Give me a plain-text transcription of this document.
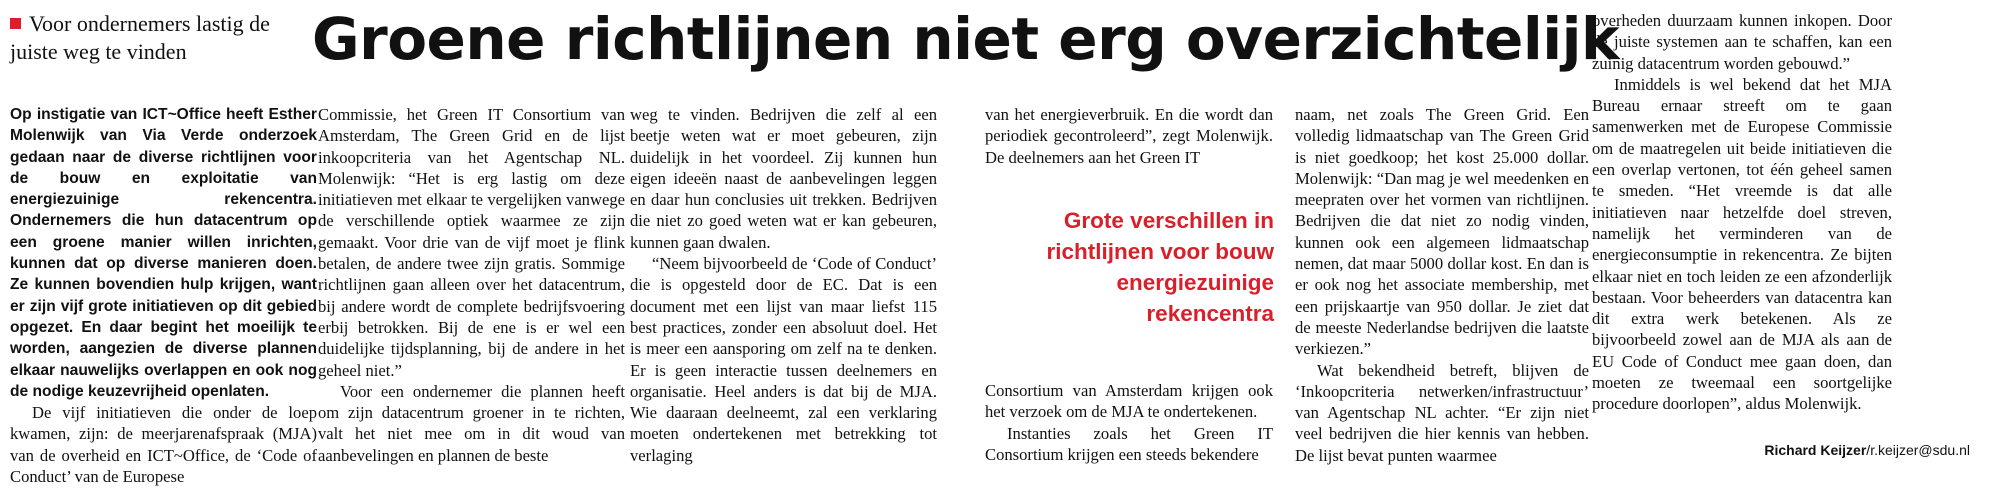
Voor ondernemers lastig de juiste weg te vinden	Groene richtlijnen niet erg overzichtelijk

Op instigatie van ICT~Office heeft Esther Molenwijk van Via Verde onderzoek gedaan naar de diverse richtlijnen voor de bouw en exploitatie van energiezuinige rekencentra. Ondernemers die hun datacentrum op een groene manier willen inrichten, kunnen dat op diverse manieren doen. Ze kunnen bovendien hulp krijgen, want er zijn vijf grote initiatieven op dit gebied opgezet. En daar begint het moeilijk te worden, aangezien de diverse plannen elkaar nauwelijks overlappen en ook nog de nodige keuzevrijheid openlaten.

De vijf initiatieven die onder de loep kwamen, zijn: de meerjarenafspraak (MJA) van de overheid en ICT~Office, de ‘Code of Conduct’ van de Europese

Commissie, het Green IT Consortium van Amsterdam, The Green Grid en de lijst inkoopcriteria van het Agentschap NL. Molenwijk: “Het is erg lastig om deze initiatieven met elkaar te vergelijken vanwege de verschillende optiek waarmee ze zijn gemaakt. Voor drie van de vijf moet je flink betalen, de andere twee zijn gratis. Sommige richtlijnen gaan alleen over het datacentrum, bij andere wordt de complete bedrijfsvoering erbij betrokken. Bij de ene is er wel een duidelijke tijdsplanning, bij de andere in het geheel niet.”

Voor een ondernemer die plannen heeft om zijn datacentrum groener in te richten, valt het niet mee om in dit woud van aanbevelingen en plannen de beste

weg te vinden. Bedrijven die zelf al een beetje weten wat er moet gebeuren, zijn duidelijk in het voordeel. Zij kunnen hun eigen ideeën naast de aanbevelingen leggen en daar hun conclusies uit trekken. Bedrijven die niet zo goed weten wat er kan gebeuren, kunnen gaan dwalen.

“Neem bijvoorbeeld de ‘Code of Conduct’ die is opgesteld door de EC. Dat is een document met een lijst van maar liefst 115 best practices, zonder een absoluut doel. Het is meer een aansporing om zelf na te denken. Er is geen interactie tussen deelnemers en organisatie. Heel anders is dat bij de MJA. Wie daaraan deelneemt, zal een verklaring moeten ondertekenen met betrekking tot verlaging

van het energieverbruik. En die wordt dan periodiek gecontroleerd”, zegt Molenwijk. De deelnemers aan het Green IT

Grote verschillen in richtlijnen voor bouw energiezuinige rekencentra

Consortium van Amsterdam krijgen ook het verzoek om de MJA te ondertekenen.

Instanties zoals het Green IT Consortium krijgen een steeds bekendere

naam, net zoals The Green Grid. Een volledig lidmaatschap van The Green Grid is niet goedkoop; het kost 25.000 dollar. Molenwijk: “Dan mag je wel meedenken en meepraten over het vormen van richtlijnen. Bedrijven die dat niet zo nodig vinden, kunnen ook een algemeen lidmaatschap nemen, dat maar 5000 dollar kost. En dan is er ook nog het associate membership, met een prijskaartje van 950 dollar. Je ziet dat de meeste Nederlandse bedrijven die laatste verkiezen.”

Wat bekendheid betreft, blijven de ‘Inkoopcriteria netwerken/infrastructuur’ van Agentschap NL achter. “Er zijn niet veel bedrijven die hier kennis van hebben. De lijst bevat punten waarmee

overheden duurzaam kunnen inkopen. Door de juiste systemen aan te schaffen, kan een zuinig datacentrum worden gebouwd.”

Inmiddels is wel bekend dat het MJA Bureau ernaar streeft om te gaan samenwerken met de Europese Commissie om de maatregelen uit beide initiatieven die een overlap vertonen, tot één geheel samen te smeden. “Het vreemde is dat alle initiatieven naar hetzelfde doel streven, namelijk het verminderen van de energieconsumptie in rekencentra. Ze bijten elkaar niet en toch leiden ze een afzonderlijk bestaan. Voor beheerders van datacentra kan dit extra werk betekenen. Als ze bijvoorbeeld zowel aan de MJA als aan de EU Code of Conduct mee gaan doen, dan moeten ze tweemaal een soortgelijke procedure doorlopen”, aldus Molenwijk.

Richard Keijzer/r.keijzer@sdu.nl
